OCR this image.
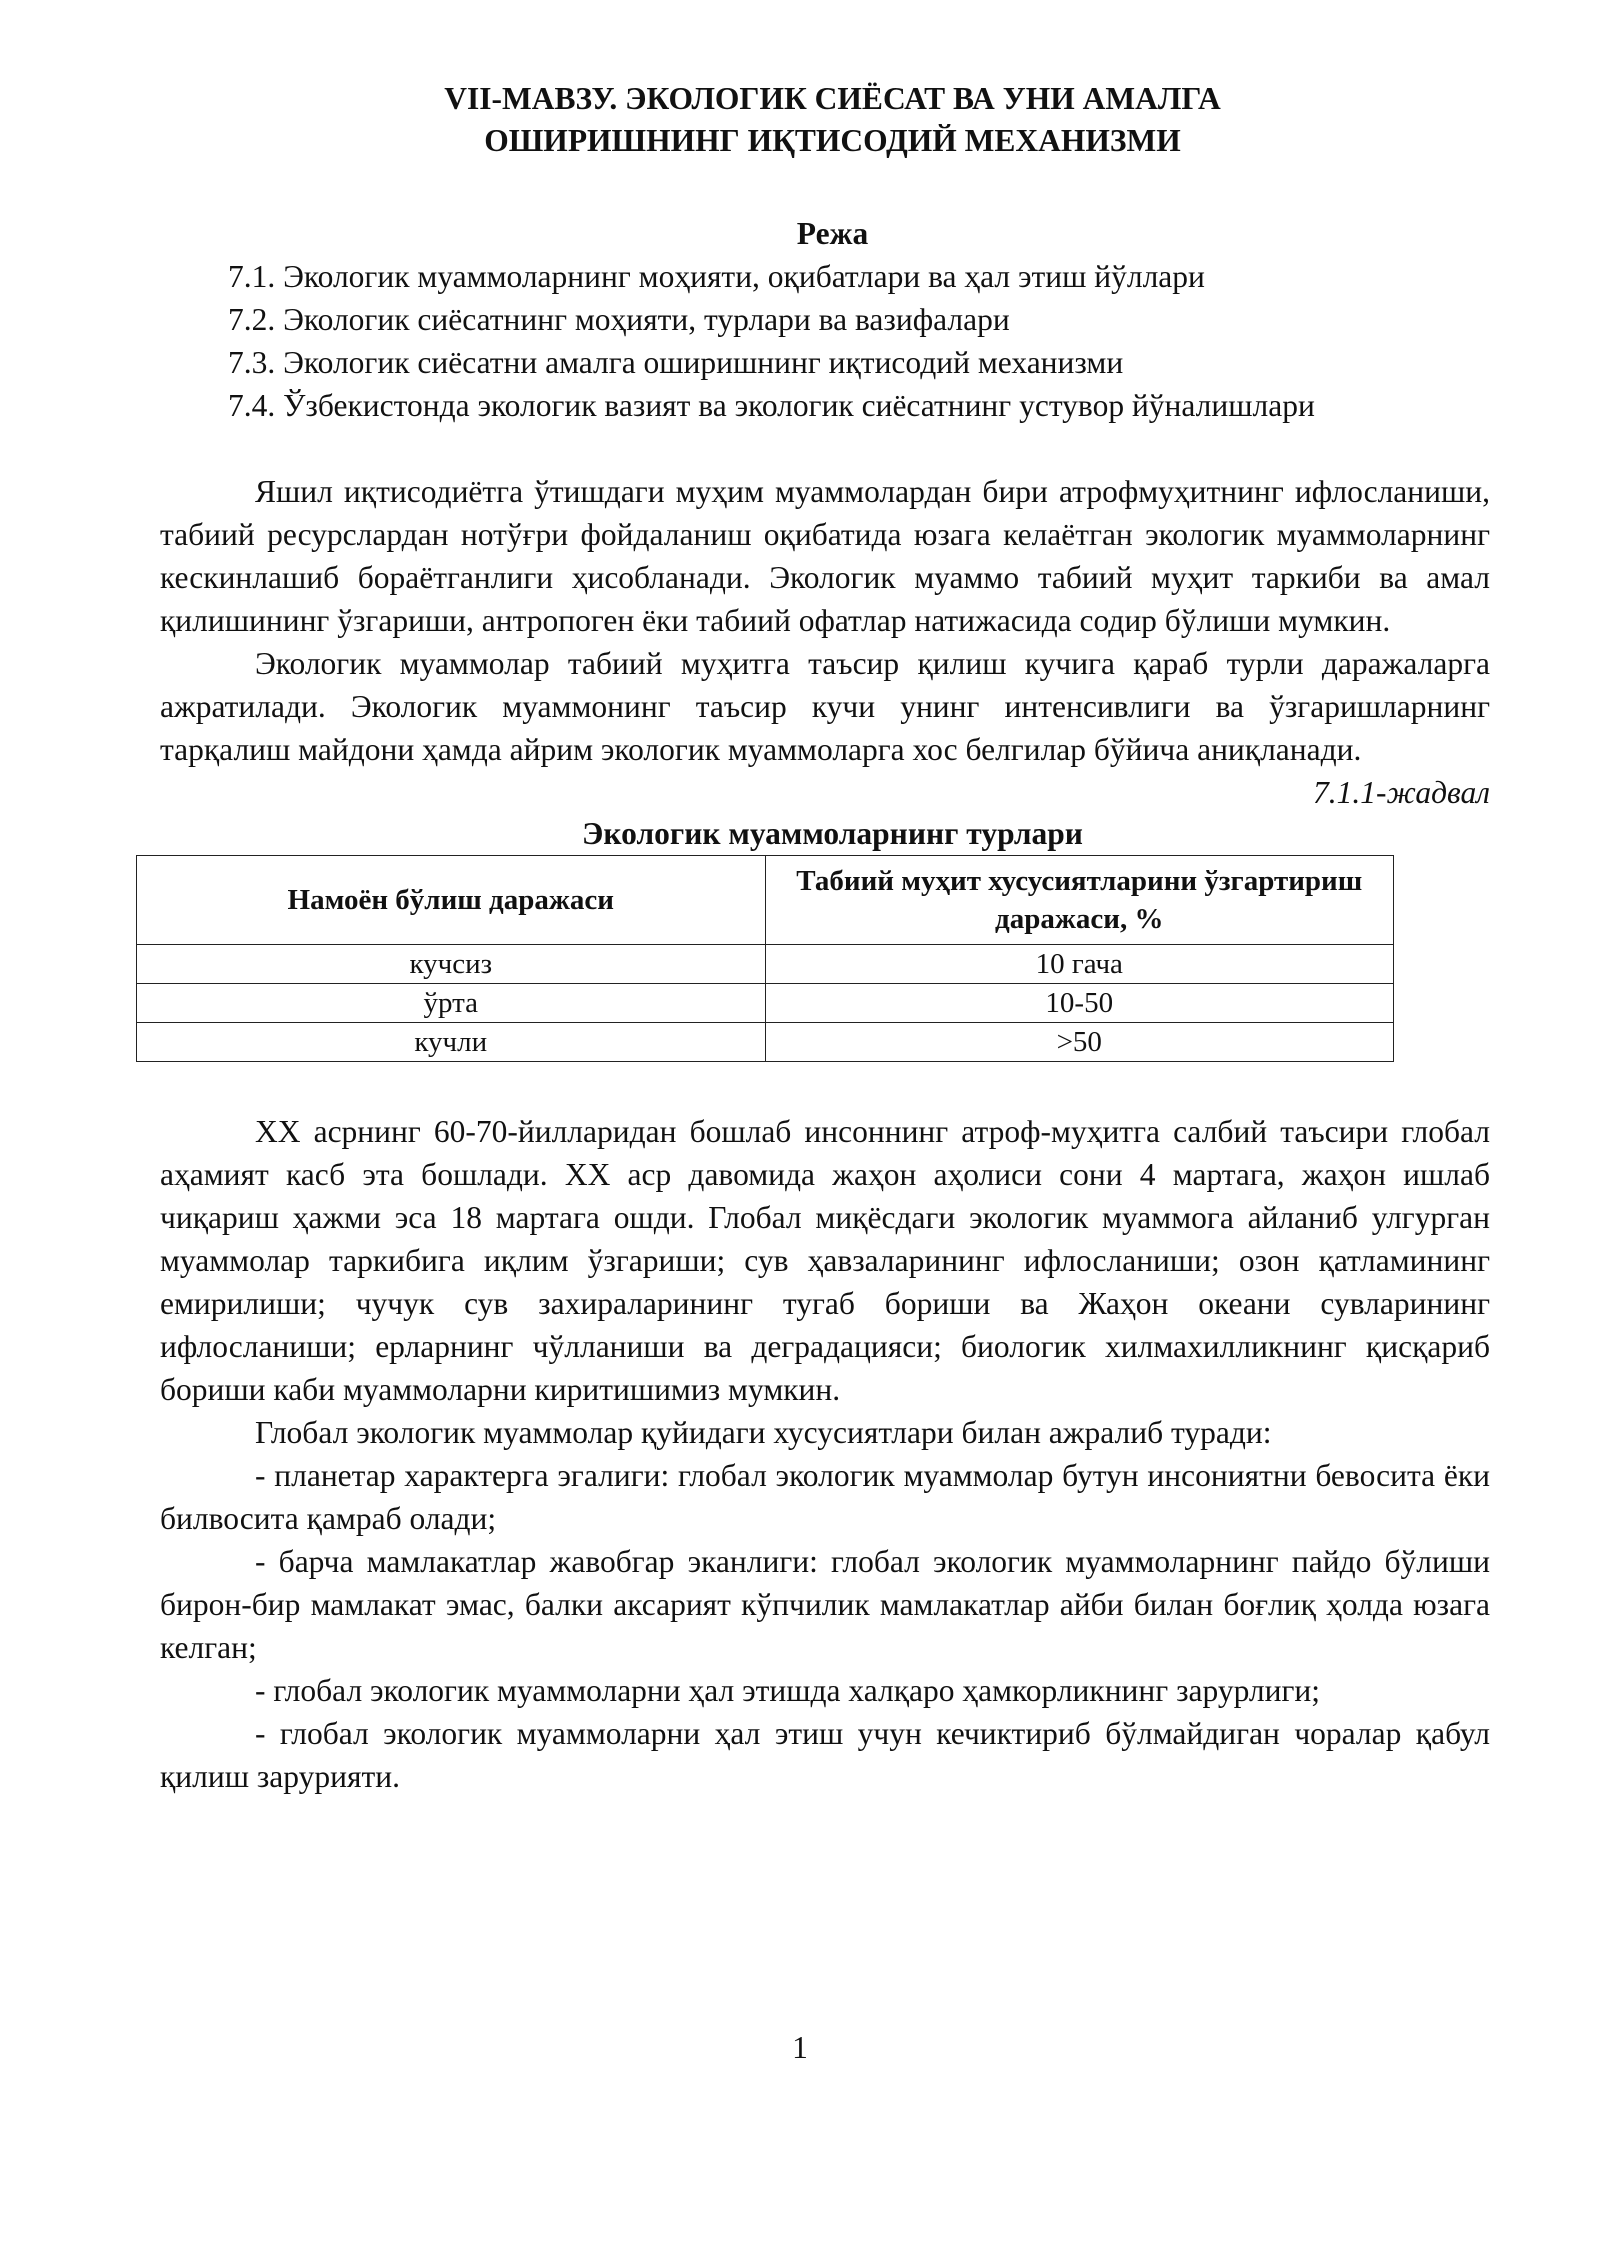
VII-МАВЗУ. ЭКОЛОГИК СИЁСАТ ВА УНИ АМАЛГА
ОШИРИШНИНГ ИҚТИСОДИЙ МЕХАНИЗМИ
Режа
7.1. Экологик муаммоларнинг моҳияти, оқибатлари ва ҳал этиш йўллари
7.2. Экологик сиёсатнинг моҳияти, турлари ва вазифалари
7.3. Экологик сиёсатни амалга оширишнинг иқтисодий механизми
7.4. Ўзбекистонда экологик вазият ва экологик сиёсатнинг устувор йўналишлари

Яшил иқтисодиётга ўтишдаги муҳим муаммолардан бири атрофмуҳитнинг ифлосланиши, табиий ресурслардан нотўғри фойдаланиш оқибатида юзага келаётган экологик муаммоларнинг кескинлашиб бораётганлиги ҳисобланади. Экологик муаммо табиий муҳит таркиби ва амал қилишининг ўзгариши, антропоген ёки табиий офатлар натижасида содир бўлиши мумкин.

Экологик муаммолар табиий муҳитга таъсир қилиш кучига қараб турли даражаларга ажратилади. Экологик муаммонинг таъсир кучи унинг интенсивлиги ва ўзгаришларнинг тарқалиш майдони ҳамда айрим экологик муаммоларга хос белгилар бўйича аниқланади.

7.1.1-жадвал
Экологик муаммоларнинг турлари
Намоён бўлиш даражаси	Табиий муҳит хусусиятларини ўзгартириш даражаси, %
кучсиз	10 гача
ўрта	10-50
кучли	>50

XX асрнинг 60-70-йилларидан бошлаб инсоннинг атроф-муҳитга салбий таъсири глобал аҳамият касб эта бошлади. XX аср давомида жаҳон аҳолиси сони 4 мартага, жаҳон ишлаб чиқариш ҳажми эса 18 мартага ошди. Глобал миқёсдаги экологик муаммога айланиб улгурган муаммолар таркибига иқлим ўзгариши; сув ҳавзаларининг ифлосланиши; озон қатламининг емирилиши; чучук сув захираларининг тугаб бориши ва Жаҳон океани сувларининг ифлосланиши; ерларнинг чўлланиши ва деградацияси; биологик хилмахилликнинг қисқариб бориши каби муаммоларни киритишимиз мумкин.

Глобал экологик муаммолар қуйидаги хусусиятлари билан ажралиб туради:

- планетар характерга эгалиги: глобал экологик муаммолар бутун инсониятни бевосита ёки билвосита қамраб олади;

- барча мамлакатлар жавобгар эканлиги: глобал экологик муаммоларнинг пайдо бўлиши бирон-бир мамлакат эмас, балки аксарият кўпчилик мамлакатлар айби билан боғлиқ ҳолда юзага келган;

- глобал экологик муаммоларни ҳал этишда халқаро ҳамкорликнинг зарурлиги;

- глобал экологик муаммоларни ҳал этиш учун кечиктириб бўлмайдиган чоралар қабул қилиш зарурияти.

1
